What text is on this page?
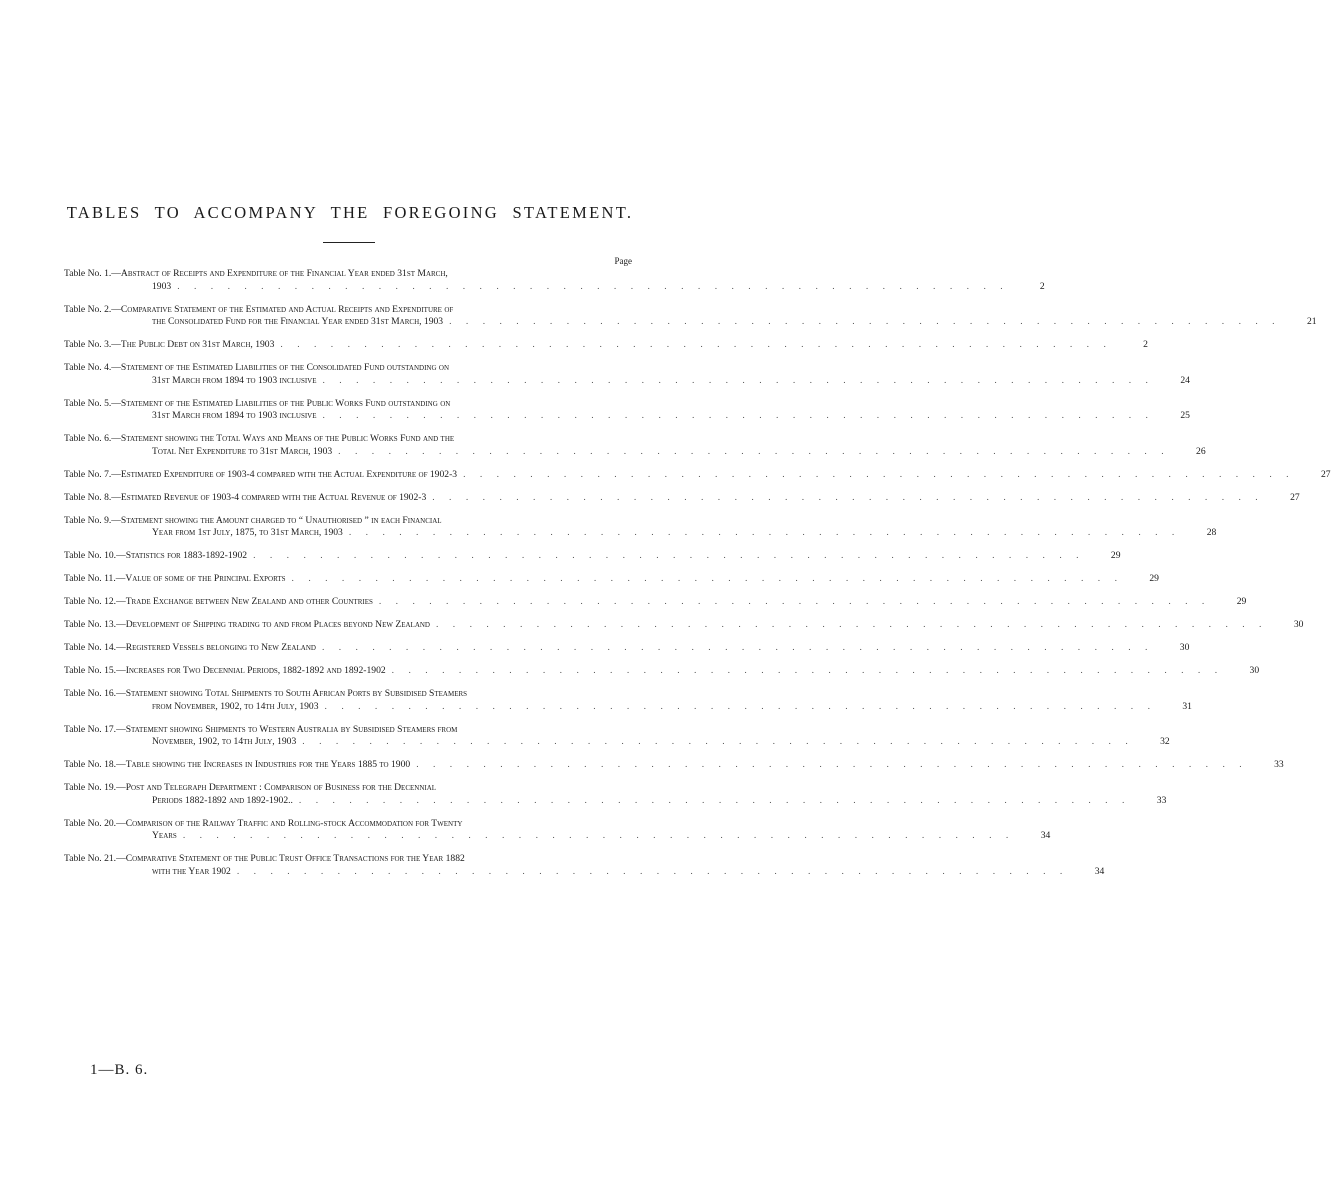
TABLES TO ACCOMPANY THE FOREGOING STATEMENT.
Page
Table No. 1.— Abstract of Receipts and Expenditure of the Financial Year ended 31st March,
1903 . . . . . . . . . . . . . . . . . . . . . . . . . . . . . . . . . . . . . . . . . . . . . . . . . .	2
Table No. 2.— Comparative Statement of the Estimated and Actual Receipts and Expenditure of
the Consolidated Fund for the Financial Year ended 31st March, 1903 . . . . . . . . . . . . . . . . . . . . . . . . . . . . . . . . . . . . . . . . . . . . . . . . . .	21
Table No. 3.— The Public Debt on 31st March, 1903 . . . . . . . . . . . . . . . . . . . . . . . . . . . . . . . . . . . . . . . . . . . . . . . . . .	2
Table No. 4.— Statement of the Estimated Liabilities of the Consolidated Fund outstanding on
31st March from 1894 to 1903 inclusive . . . . . . . . . . . . . . . . . . . . . . . . . . . . . . . . . . . . . . . . . . . . . . . . . .	24
Table No. 5.— Statement of the Estimated Liabilities of the Public Works Fund outstanding on
31st March from 1894 to 1903 inclusive . . . . . . . . . . . . . . . . . . . . . . . . . . . . . . . . . . . . . . . . . . . . . . . . . .	25
Table No. 6.— Statement showing the Total Ways and Means of the Public Works Fund and the
Total Net Expenditure to 31st March, 1903 . . . . . . . . . . . . . . . . . . . . . . . . . . . . . . . . . . . . . . . . . . . . . . . . . .	26
Table No. 7.— Estimated Expenditure of 1903-4 compared with the Actual Expenditure of 1902-3 . . . . . . . . . . . . . . . . . . . . . . . . . . . . . . . . . . . . . . . . . . . . . . . . . .	27
Table No. 8.— Estimated Revenue of 1903-4 compared with the Actual Revenue of 1902-3 . . . . . . . . . . . . . . . . . . . . . . . . . . . . . . . . . . . . . . . . . . . . . . . . . .	27
Table No. 9.— Statement showing the Amount charged to “ Unauthorised ” in each Financial
Year from 1st July, 1875, to 31st March, 1903 . . . . . . . . . . . . . . . . . . . . . . . . . . . . . . . . . . . . . . . . . . . . . . . . . .	28
Table No. 10.— Statistics for 1883-1892-1902 . . . . . . . . . . . . . . . . . . . . . . . . . . . . . . . . . . . . . . . . . . . . . . . . . .	29
Table No. 11.— Value of some of the Principal Exports . . . . . . . . . . . . . . . . . . . . . . . . . . . . . . . . . . . . . . . . . . . . . . . . . .	29
Table No. 12.— Trade Exchange between New Zealand and other Countries . . . . . . . . . . . . . . . . . . . . . . . . . . . . . . . . . . . . . . . . . . . . . . . . . .	29
Table No. 13.— Development of Shipping trading to and from Places beyond New Zealand . . . . . . . . . . . . . . . . . . . . . . . . . . . . . . . . . . . . . . . . . . . . . . . . . .	30
Table No. 14.— Registered Vessels belonging to New Zealand . . . . . . . . . . . . . . . . . . . . . . . . . . . . . . . . . . . . . . . . . . . . . . . . . .	30
Table No. 15.— Increases for Two Decennial Periods, 1882-1892 and 1892-1902 . . . . . . . . . . . . . . . . . . . . . . . . . . . . . . . . . . . . . . . . . . . . . . . . . .	30
Table No. 16.— Statement showing Total Shipments to South African Ports by Subsidised Steamers
from November, 1902, to 14th July, 1903 . . . . . . . . . . . . . . . . . . . . . . . . . . . . . . . . . . . . . . . . . . . . . . . . . .	31
Table No. 17.— Statement showing Shipments to Western Australia by Subsidised Steamers from
November, 1902, to 14th July, 1903 . . . . . . . . . . . . . . . . . . . . . . . . . . . . . . . . . . . . . . . . . . . . . . . . . .	32
Table No. 18.— Table showing the Increases in Industries for the Years 1885 to 1900 . . . . . . . . . . . . . . . . . . . . . . . . . . . . . . . . . . . . . . . . . . . . . . . . . .	33
Table No. 19.— Post and Telegraph Department : Comparison of Business for the Decennial
Periods 1882-1892 and 1892-1902.. . . . . . . . . . . . . . . . . . . . . . . . . . . . . . . . . . . . . . . . . . . . . . . . . . .	33
Table No. 20.— Comparison of the Railway Traffic and Rolling-stock Accommodation for Twenty
Years . . . . . . . . . . . . . . . . . . . . . . . . . . . . . . . . . . . . . . . . . . . . . . . . . .	34
Table No. 21.— Comparative Statement of the Public Trust Office Transactions for the Year 1882
with the Year 1902 . . . . . . . . . . . . . . . . . . . . . . . . . . . . . . . . . . . . . . . . . . . . . . . . . .	34
1—B. 6.
